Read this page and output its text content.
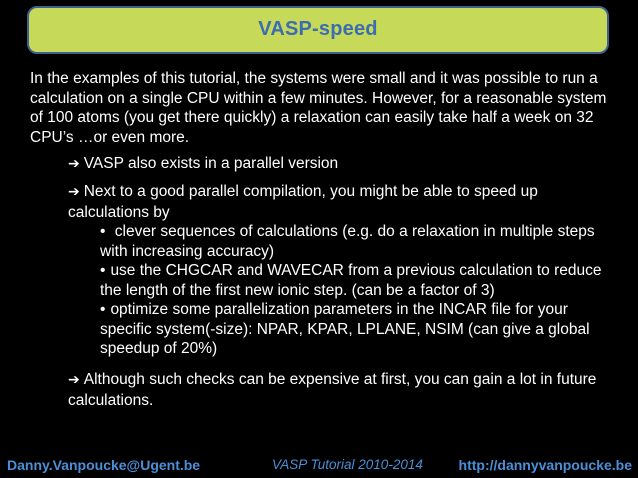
VASP-speed
In the examples of this tutorial, the systems were small and it was possible to run a calculation on a single CPU within a few minutes. However, for a reasonable system of 100 atoms (you get there quickly) a relaxation can easily take half a week on 32 CPU’s …or even more.
➔ VASP also exists in a parallel version
➔ Next to a good parallel compilation, you might be able to speed up calculations by
• clever sequences of calculations (e.g. do a relaxation in multiple steps with increasing accuracy)
• use the CHGCAR and WAVECAR from a previous calculation to reduce the length of the first new ionic step. (can be a factor of 3)
• optimize some parallelization parameters in the INCAR file for your specific system(-size): NPAR, KPAR, LPLANE, NSIM (can give a global speedup of 20%)
➔ Although such checks can be expensive at first, you can gain a lot in future calculations.
Danny.Vanpoucke@Ugent.be	VASP Tutorial 2010-2014	http://dannyvanpoucke.be
